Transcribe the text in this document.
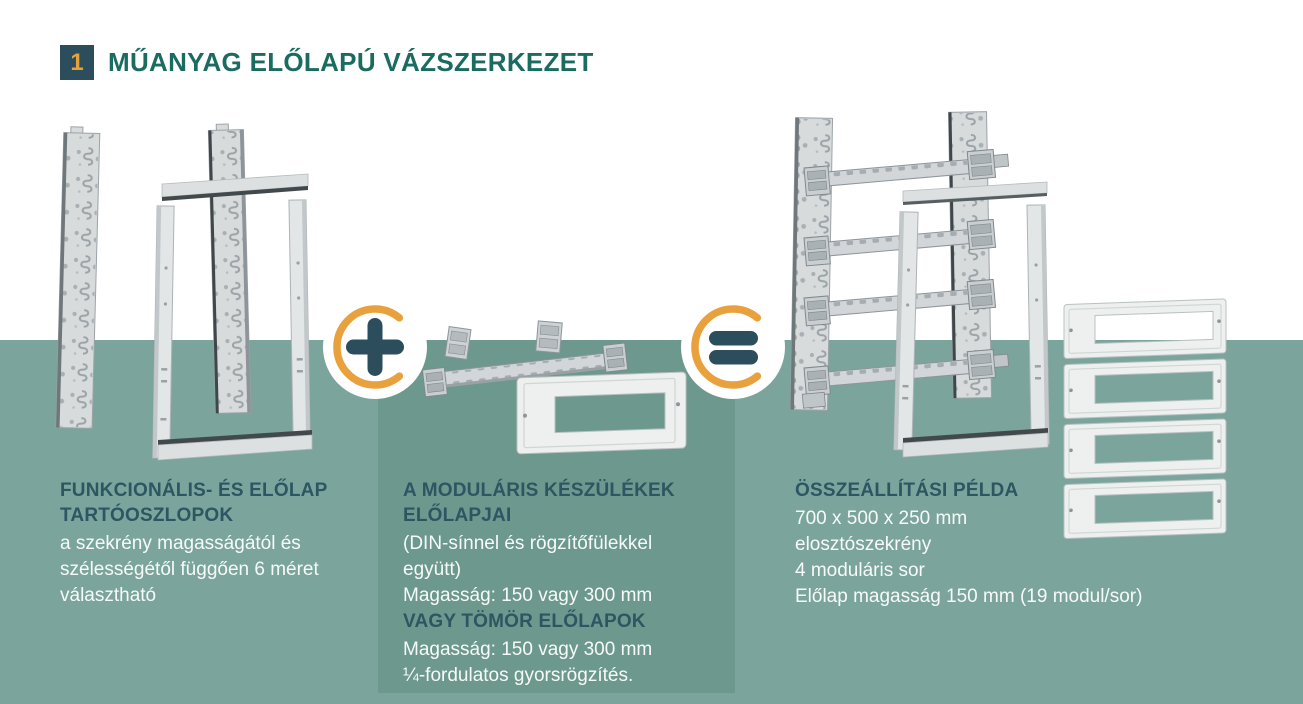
1 MŰANYAG ELŐLAPÚ VÁZSZERKEZET
FUNKCIONÁLIS- ÉS ELŐLAP
TARTÓOSZLOPOK
a szekrény magasságától és
szélességétől függően 6 méret
választható
A MODULÁRIS KÉSZÜLÉKEK
ELŐLAPJAI
(DIN-sínnel és rögzítőfülekkel
együtt)
Magasság: 150 vagy 300 mm
VAGY TÖMÖR ELŐLAPOK
Magasság: 150 vagy 300 mm
¼-fordulatos gyorsrögzítés.
ÖSSZEÁLLÍTÁSI PÉLDA
700 x 500 x 250 mm
elosztószekrény
4 moduláris sor
Előlap magasság 150 mm (19 modul/sor)
